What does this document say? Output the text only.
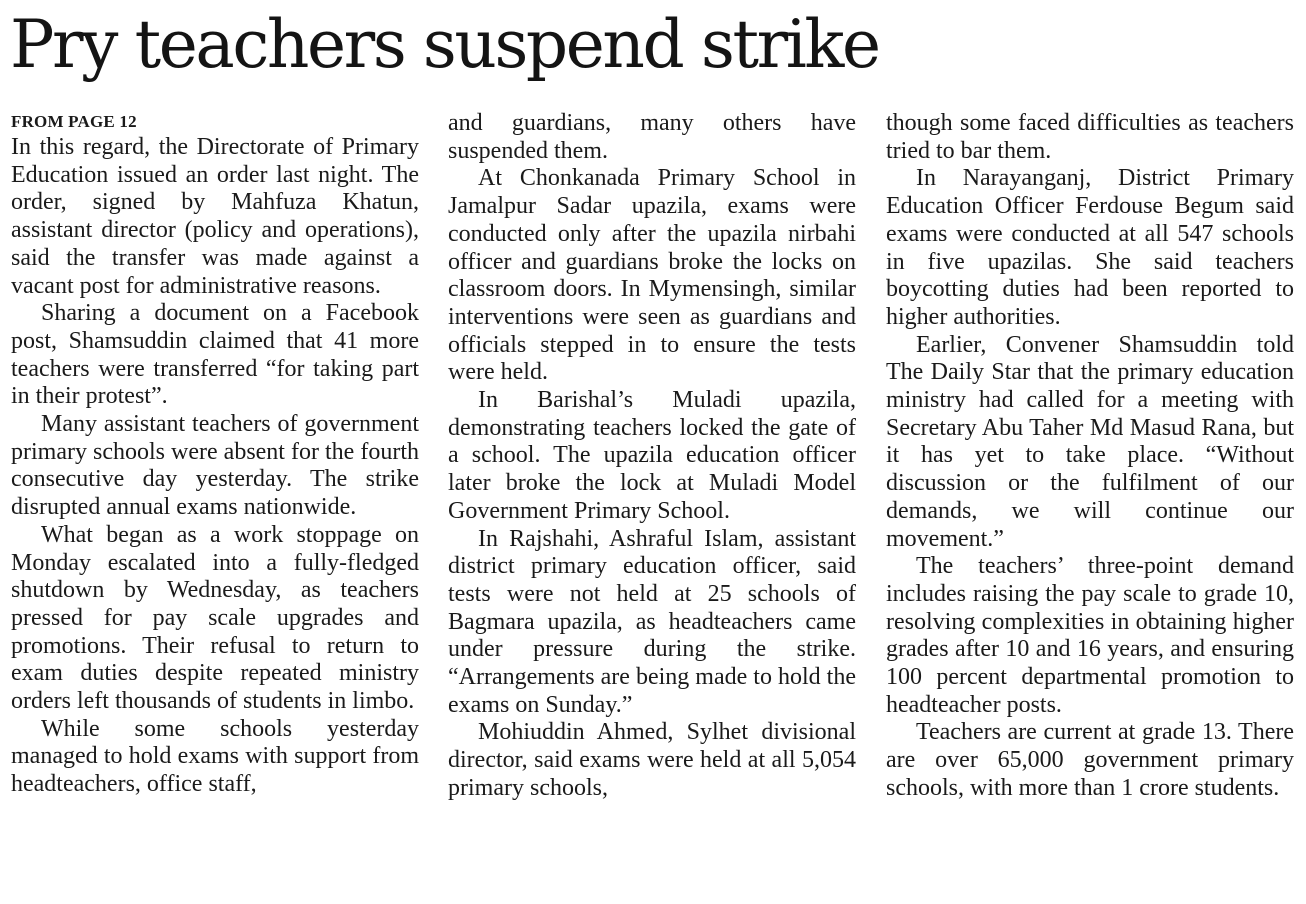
Pry teachers suspend strike
FROM PAGE 12

In this regard, the Directorate of Primary Education issued an order last night. The order, signed by Mahfuza Khatun, assistant director (policy and operations), said the transfer was made against a vacant post for administrative reasons.

Sharing a document on a Facebook post, Shamsuddin claimed that 41 more teachers were transferred “for taking part in their protest”.

Many assistant teachers of government primary schools were absent for the fourth consecutive day yesterday. The strike disrupted annual exams nationwide.

What began as a work stoppage on Monday escalated into a fully-fledged shutdown by Wednesday, as teachers pressed for pay scale upgrades and promotions. Their refusal to return to exam duties despite repeated ministry orders left thousands of students in limbo.

While some schools yesterday managed to hold exams with support from headteachers, office staff,

and guardians, many others have suspended them.

At Chonkanada Primary School in Jamalpur Sadar upazila, exams were conducted only after the upazila nirbahi officer and guardians broke the locks on classroom doors. In Mymensingh, similar interventions were seen as guardians and officials stepped in to ensure the tests were held.

In Barishal’s Muladi upazila, demonstrating teachers locked the gate of a school. The upazila education officer later broke the lock at Muladi Model Government Primary School.

In Rajshahi, Ashraful Islam, assistant district primary education officer, said tests were not held at 25 schools of Bagmara upazila, as headteachers came under pressure during the strike. “Arrangements are being made to hold the exams on Sunday.”

Mohiuddin Ahmed, Sylhet divisional director, said exams were held at all 5,054 primary schools,

though some faced difficulties as teachers tried to bar them.

In Narayanganj, District Primary Education Officer Ferdouse Begum said exams were conducted at all 547 schools in five upazilas. She said teachers boycotting duties had been reported to higher authorities.

Earlier, Convener Shamsuddin told The Daily Star that the primary education ministry had called for a meeting with Secretary Abu Taher Md Masud Rana, but it has yet to take place. “Without discussion or the fulfilment of our demands, we will continue our movement.”

The teachers’ three-point demand includes raising the pay scale to grade 10, resolving complexities in obtaining higher grades after 10 and 16 years, and ensuring 100 percent departmental promotion to headteacher posts.

Teachers are current at grade 13. There are over 65,000 government primary schools, with more than 1 crore students.
